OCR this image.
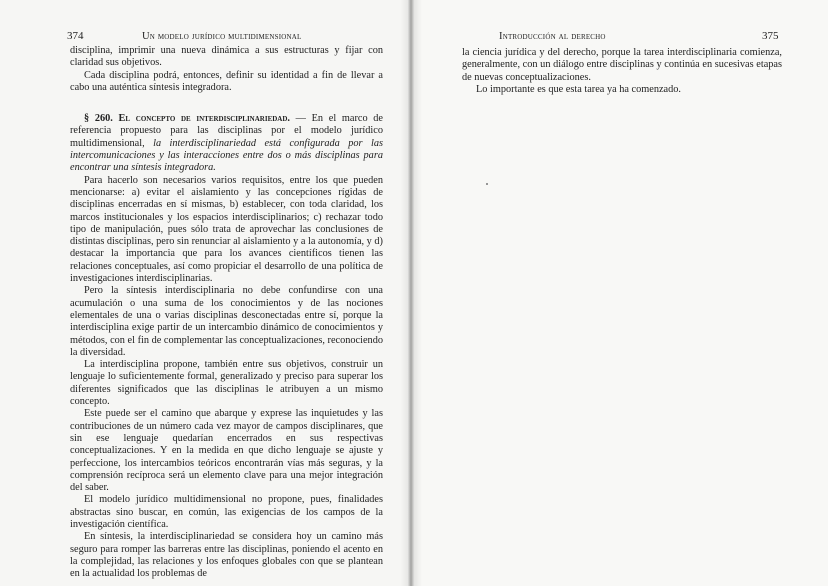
374	Un modelo jurídico multidimensional

disciplina, imprimir una nueva dinámica a sus estructuras y fijar con claridad sus objetivos.

Cada disciplina podrá, entonces, definir su identidad a fin de llevar a cabo una auténtica síntesis integradora.

§ 260. El concepto de interdisciplinariedad. — En el marco de referencia propuesto para las disciplinas por el modelo jurídico multidimensional, la interdisciplinariedad está configurada por las intercomunicaciones y las interacciones entre dos o más disciplinas para encontrar una síntesis integradora.

Para hacerlo son necesarios varios requisitos, entre los que pueden mencionarse: a) evitar el aislamiento y las concepciones rígidas de disciplinas encerradas en sí mismas, b) establecer, con toda claridad, los marcos institucionales y los espacios interdisciplinarios; c) rechazar todo tipo de manipulación, pues sólo trata de aprovechar las conclusiones de distintas disciplinas, pero sin renunciar al aislamiento y a la autonomía, y d) destacar la importancia que para los avances científicos tienen las relaciones conceptuales, así como propiciar el desarrollo de una política de investigaciones interdisciplinarias.

Pero la síntesis interdisciplinaria no debe confundirse con una acumulación o una suma de los conocimientos y de las nociones elementales de una o varias disciplinas desconectadas entre sí, porque la interdisciplina exige partir de un intercambio dinámico de conocimientos y métodos, con el fin de complementar las conceptualizaciones, reconociendo la diversidad.

La interdisciplina propone, también entre sus objetivos, construir un lenguaje lo suficientemente formal, generalizado y preciso para superar los diferentes significados que las disciplinas le atribuyen a un mismo concepto.

Este puede ser el camino que abarque y exprese las inquietudes y las contribuciones de un número cada vez mayor de campos disciplinares, que sin ese lenguaje quedarían encerrados en sus respectivas conceptualizaciones. Y en la medida en que dicho lenguaje se ajuste y perfeccione, los intercambios teóricos encontrarán vías más seguras, y la comprensión recíproca será un elemento clave para una mejor integración del saber.

El modelo jurídico multidimensional no propone, pues, finalidades abstractas sino buscar, en común, las exigencias de los campos de la investigación científica.

En síntesis, la interdisciplinariedad se considera hoy un camino más seguro para romper las barreras entre las disciplinas, poniendo el acento en la complejidad, las relaciones y los enfoques globales con que se plantean en la actualidad los problemas de

Introducción al derecho	375

la ciencia jurídica y del derecho, porque la tarea interdisciplinaria comienza, generalmente, con un diálogo entre disciplinas y continúa en sucesivas etapas de nuevas conceptualizaciones.

Lo importante es que esta tarea ya ha comenzado.
